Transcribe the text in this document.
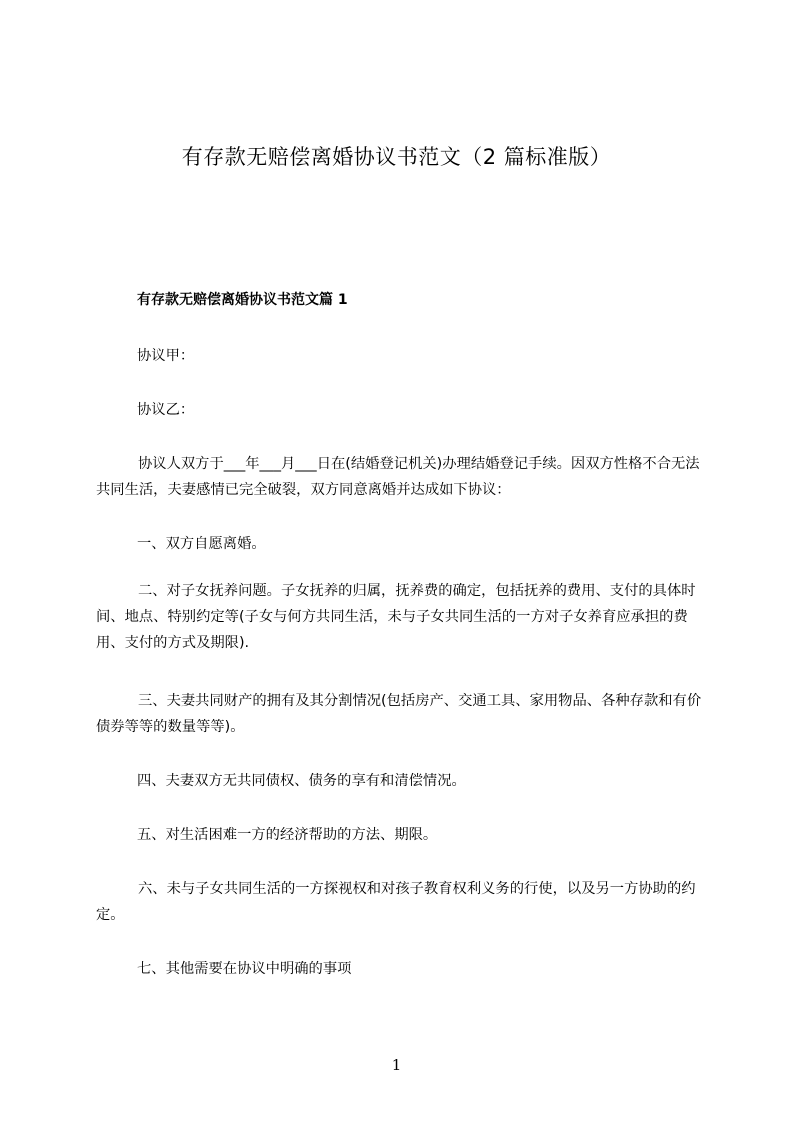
有存款无赔偿离婚协议书范文（2 篇标准版）
有存款无赔偿离婚协议书范文篇 1

协议甲：

协议乙：

协议人双方于___年___月___日在(结婚登记机关)办理结婚登记手续。因双方性格不合无法共同生活，夫妻感情已完全破裂，双方同意离婚并达成如下协议：

一、双方自愿离婚。

二、对子女抚养问题。子女抚养的归属，抚养费的确定，包括抚养的费用、支付的具体时间、地点、特别约定等(子女与何方共同生活，未与子女共同生活的一方对子女养育应承担的费用、支付的方式及期限).

三、夫妻共同财产的拥有及其分割情况(包括房产、交通工具、家用物品、各种存款和有价债券等等的数量等等)。

四、夫妻双方无共同债权、债务的享有和清偿情况。

五、对生活困难一方的经济帮助的方法、期限。

六、未与子女共同生活的一方探视权和对孩子教育权利义务的行使，以及另一方协助的约定。

七、其他需要在协议中明确的事项

1
